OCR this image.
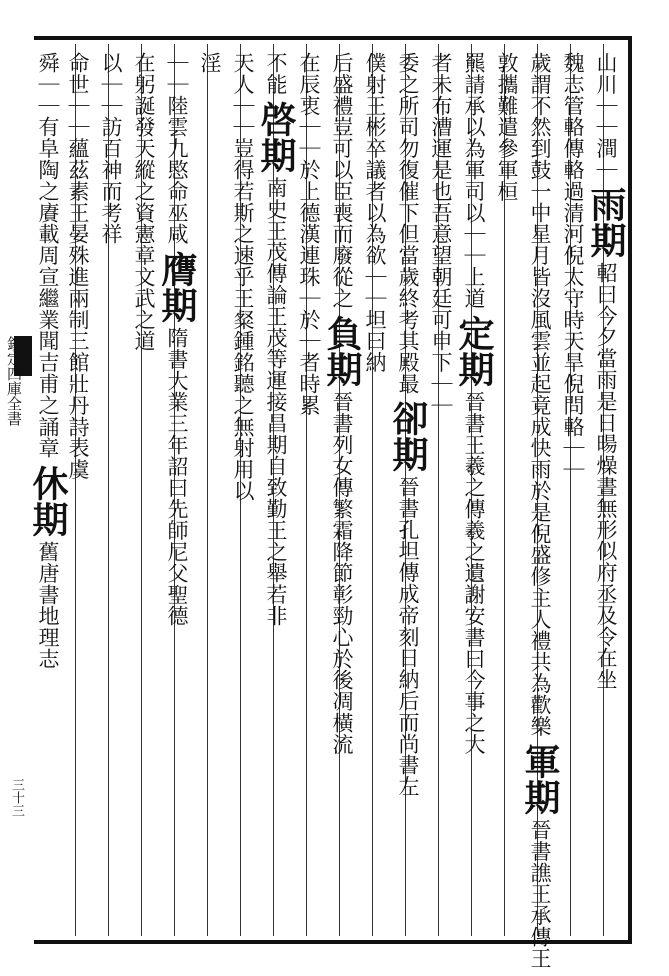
欽定四庫全書
三十三
山川｜｜澗｜
雨期
軺曰今夕當雨是日暘燥晝無形似府丞及令在坐
魏志管輅傳輅過清河倪太守時天旱倪問輅｜｜
歲謂不然到鼓一中星月皆沒風雲並起竟成快雨於是倪盛修主人禮共為歡樂
軍期
晉書譙王承傳王
敦攜難遣參軍桓
羆請承以為軍司以｜｜上道
定期
晉書王羲之傳羲之遺謝安書曰今事之大
者未布漕運是也吾意望朝廷可申下｜｜
委之所司勿復催下但當歲終考其殿最
卻期
晉書孔坦傳成帝刻日納后而尚書左
僕射王彬卒議者以為欲｜｜坦曰納
后盛禮豈可以臣喪而廢從之
負期
晉書列女傳繁霜降節彰勁心於後凋橫流
在辰衷｜｜於上德漢連珠｜於｜者時累
不能
啓期
南史王茂傳論王茂等運接昌期自致勤王之舉若非
天人｜｜豈得若斯之速乎王粲鍾銘聽之無射用以
淫
｜｜陸雲九愍命巫咸
膺期
隋書大業三年詔曰先師尼父聖德
在躬誕發天縱之資憲章文武之道
以｜｜訪百神而考祥
命世｜｜蘊茲素王晏殊進兩制三館壯丹詩表虞
舜｜｜有阜陶之賡載周宣繼業聞吉甫之誦章
休期
舊唐書地理志
